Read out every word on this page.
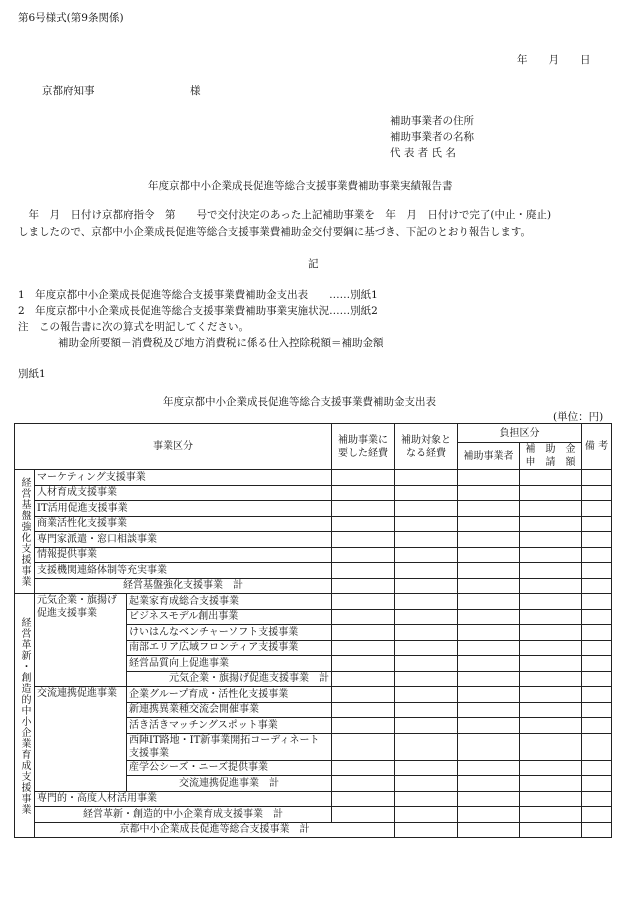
第6号様式(第9条関係)
年　　月　　日
京都府知事	様
補助事業者の住所
補助事業者の名称
代 表 者 氏 名
年度京都中小企業成長促進等総合支援事業費補助事業実績報告書
　年　月　日付け京都府指令　第　　号で交付決定のあった上記補助事業を　年　月　日付けで完了(中止・廃止)
しましたので、京都中小企業成長促進等総合支援事業費補助金交付要綱に基づき、下記のとおり報告します。
記
1　年度京都中小企業成長促進等総合支援事業費補助金支出表　　……別紙1
2　年度京都中小企業成長促進等総合支援事業費補助事業実施状況……別紙2
注　この報告書に次の算式を明記してください。
補助金所要額－消費税及び地方消費税に係る仕入控除税額＝補助金額
別紙1
年度京都中小企業成長促進等総合支援事業費補助金支出表
(単位：円)
事業区分			補助事業に要した経費	補助対象となる経費	負担区分		備 考	
					補助事業者	補　助　金申　請　額		
経営基盤強化支援事業	マーケティング支援事業							
	人材育成支援事業							
	IT活用促進支援事業							
	商業活性化支援事業							
	専門家派遣・窓口相談事業							
	情報提供事業							
	支援機関連絡体制等充実事業							
	経営基盤強化支援事業　計							
経営革新・創造的中小企業育成支援事業	元気企業・旗揚げ促進支援事業	起業家育成総合支援事業						
		ビジネスモデル創出事業						
		けいはんなベンチャーソフト支援事業						
		南部エリア広域フロンティア支援事業						
		経営品質向上促進事業						
		元気企業・旗揚げ促進支援事業　計						
	交流連携促進事業	企業グループ育成・活性化支援事業						
		新連携異業種交流会開催事業						
		活き活きマッチングスポット事業						
		西陣IT路地・IT新事業開拓コーディネート支援事業						

		産学公シーズ・ニーズ提供事業						
		交流連携促進事業　計						
	専門的・高度人材活用事業							
	経営革新・創造的中小企業育成支援事業　計							
	京都中小企業成長促進等総合支援事業　計							
